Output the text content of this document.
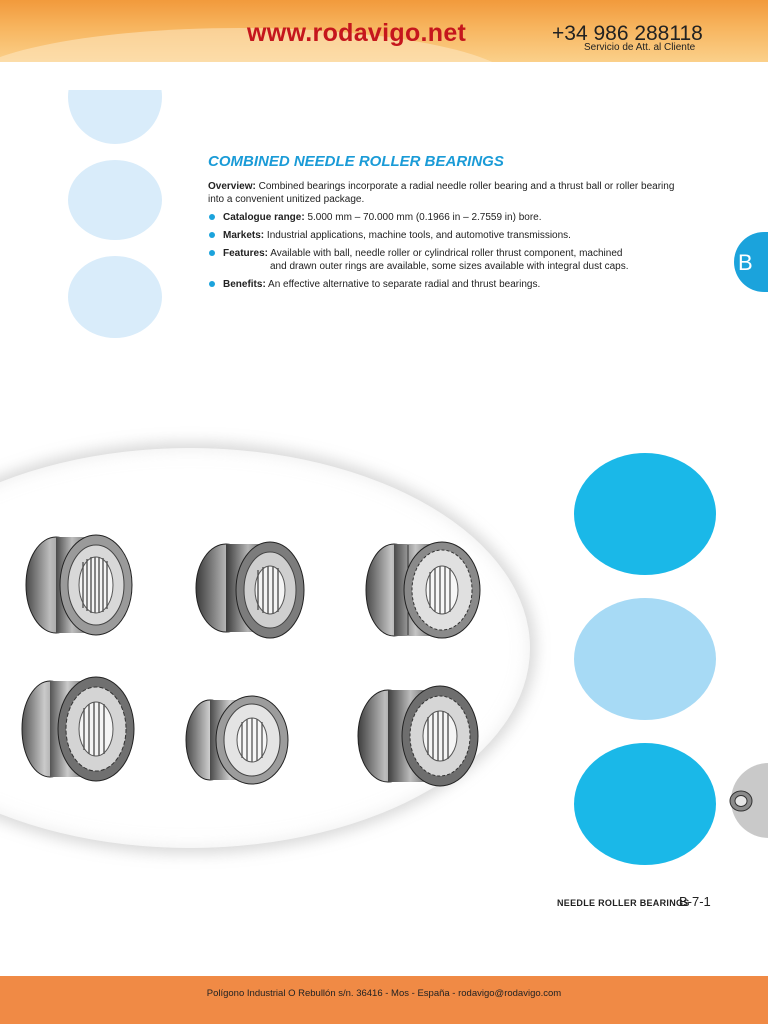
www.rodavigo.net	+34 986 288118
Servicio de Att. al Cliente
B
COMBINED NEEDLE ROLLER BEARINGS
Overview: Combined bearings incorporate a radial needle roller bearing and a thrust ball or roller bearing into a convenient unitized package.
Catalogue range: 5.000 mm – 70.000 mm (0.1966 in – 2.7559 in) bore.
Markets: Industrial applications, machine tools, and automotive transmissions.
Features: Available with ball, needle roller or cylindrical roller thrust component, machined
and drawn outer rings are available, some sizes available with integral dust caps.
Benefits: An effective alternative to separate radial and thrust bearings.
NEEDLE ROLLER BEARINGS
B-7-1
Polígono Industrial O Rebullón s/n. 36416 - Mos - España - rodavigo@rodavigo.com
